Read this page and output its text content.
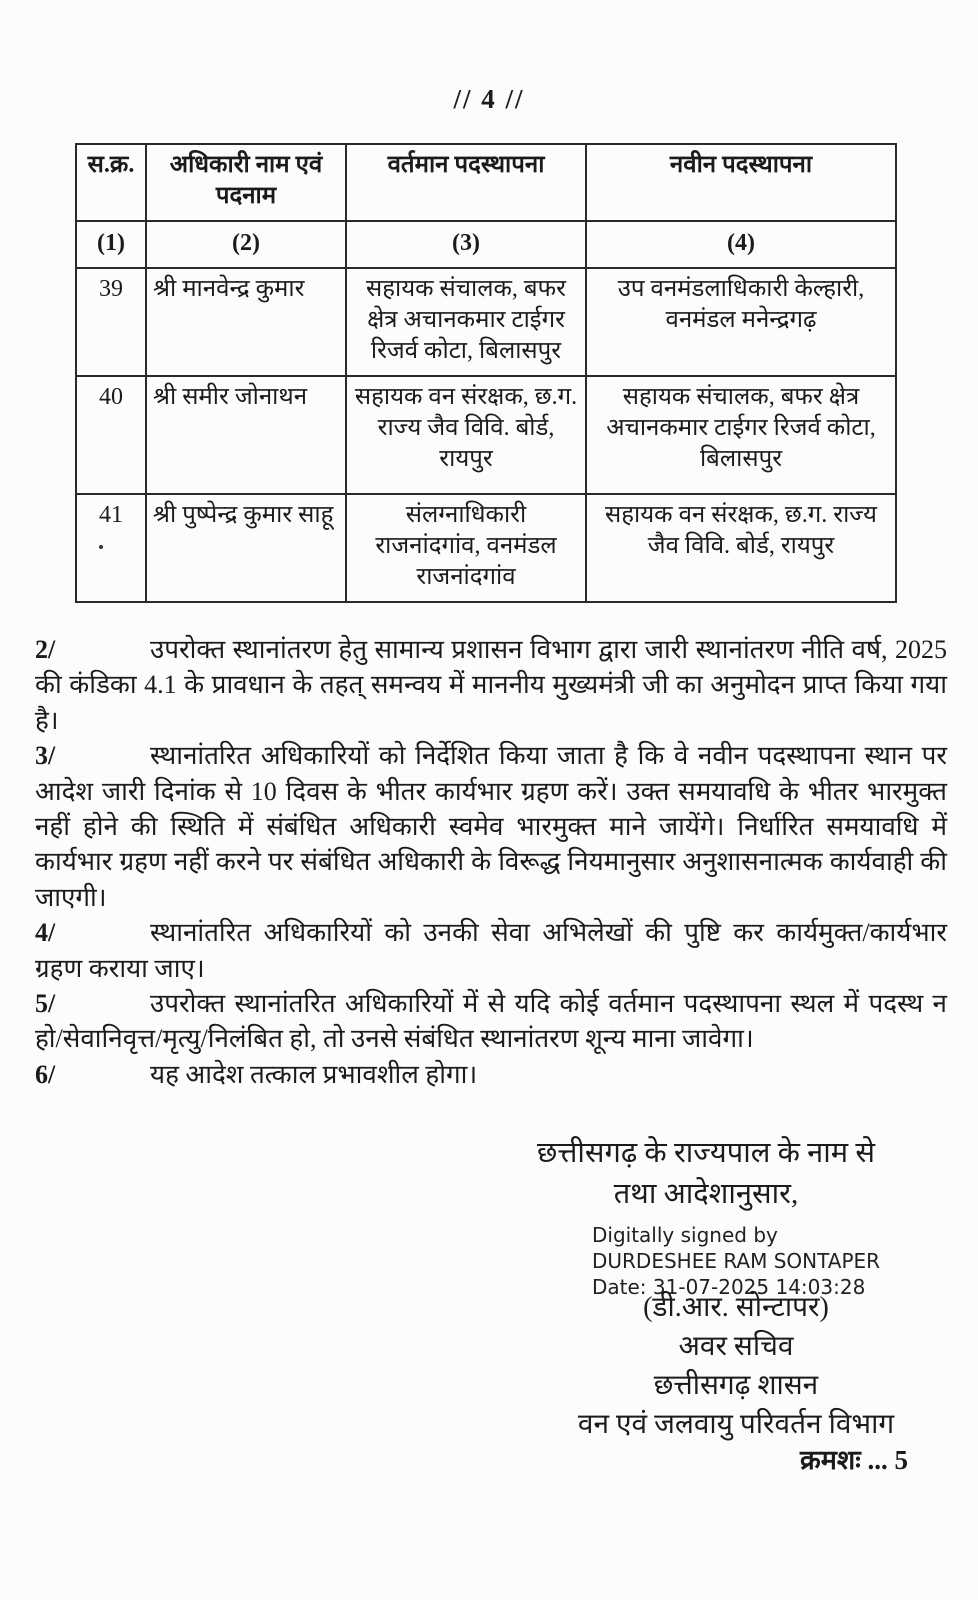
// 4 //
स.क्र.	अधिकारी नाम एवं पदनाम	वर्तमान पदस्थापना	नवीन पदस्थापना
(1)	(2)	(3)	(4)
39	श्री मानवेन्द्र कुमार	सहायक संचालक, बफर क्षेत्र अचानकमार टाईगर रिजर्व कोटा, बिलासपुर	उप वनमंडलाधिकारी केल्हारी, वनमंडल मनेन्द्रगढ़
40	श्री समीर जोनाथन	सहायक वन संरक्षक, छ.ग. राज्य जैव विवि. बोर्ड, रायपुर	सहायक संचालक, बफर क्षेत्र अचानकमार टाईगर रिजर्व कोटा, बिलासपुर
41	श्री पुष्पेन्द्र कुमार साहू	संलग्नाधिकारी राजनांदगांव, वनमंडल राजनांदगांव	सहायक वन संरक्षक, छ.ग. राज्य जैव विवि. बोर्ड, रायपुर

2/	उपरोक्त स्थानांतरण हेतु सामान्य प्रशासन विभाग द्वारा जारी स्थानांतरण नीति वर्ष, 2025 की कंडिका 4.1 के प्रावधान के तहत् समन्वय में माननीय मुख्यमंत्री जी का अनुमोदन प्राप्त किया गया है।

3/	स्थानांतरित अधिकारियों को निर्देशित किया जाता है कि वे नवीन पदस्थापना स्थान पर आदेश जारी दिनांक से 10 दिवस के भीतर कार्यभार ग्रहण करें। उक्त समयावधि के भीतर भारमुक्त नहीं होने की स्थिति में संबंधित अधिकारी स्वमेव भारमुक्त माने जायेंगे। निर्धारित समयावधि में कार्यभार ग्रहण नहीं करने पर संबंधित अधिकारी के विरूद्ध नियमानुसार अनुशासनात्मक कार्यवाही की जाएगी।

4/	स्थानांतरित अधिकारियों को उनकी सेवा अभिलेखों की पुष्टि कर कार्यमुक्त/कार्यभार ग्रहण कराया जाए।

5/	उपरोक्त स्थानांतरित अधिकारियों में से यदि कोई वर्तमान पदस्थापना स्थल में पदस्थ न हो/सेवानिवृत्त/मृत्यु/निलंबित हो, तो उनसे संबंधित स्थानांतरण शून्य माना जावेगा।

6/	यह आदेश तत्काल प्रभावशील होगा।

छत्तीसगढ़ के राज्यपाल के नाम से
तथा आदेशानुसार,
Digitally signed by
DURDESHEE RAM SONTAPER
Date: 31-07-2025 14:03:28
(डी.आर. सोन्टापर)
अवर सचिव
छत्तीसगढ़ शासन
वन एवं जलवायु परिवर्तन विभाग
क्रमशः ... 5
